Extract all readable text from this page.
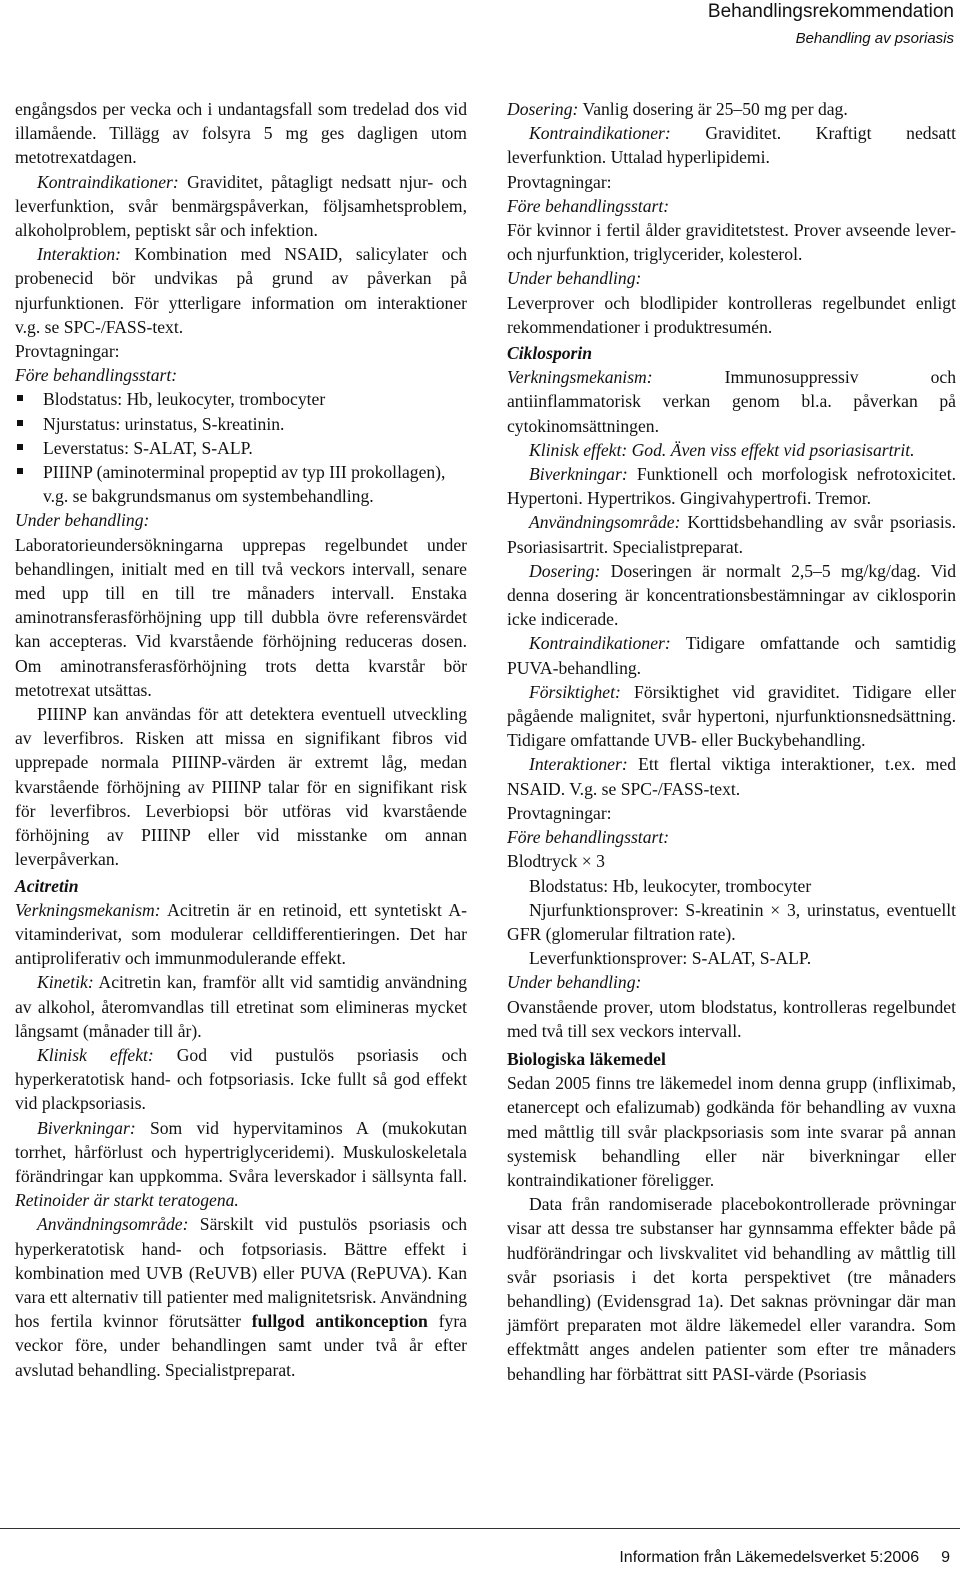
Behandlingsrekommendation
Behandling av psoriasis

engångsdos per vecka och i undantagsfall som tredelad dos vid illamående. Tillägg av folsyra 5 mg ges dagligen utom metotrexatdagen.

Kontraindikationer: Graviditet, påtagligt nedsatt njur- och leverfunktion, svår benmärgspåverkan, följsamhetsproblem, alkoholproblem, peptiskt sår och infektion.

Interaktion: Kombination med NSAID, salicylater och probenecid bör undvikas på grund av påverkan på njurfunktionen. För ytterligare information om interaktioner v.g. se SPC-/FASS-text.

Provtagningar:

Före behandlingsstart:

Blodstatus: Hb, leukocyter, trombocyter
Njurstatus: urinstatus, S-kreatinin.
Leverstatus: S-ALAT, S-ALP.
PIIINP (aminoterminal propeptid av typ III prokollagen), v.g. se bakgrundsmanus om systembehandling.

Under behandling:

Laboratorieundersökningarna upprepas regelbundet under behandlingen, initialt med en till två veckors intervall, senare med upp till en till tre månaders intervall. Enstaka aminotransferasförhöjning upp till dubbla övre referensvärdet kan accepteras. Vid kvarstående förhöjning reduceras dosen. Om aminotransferasförhöjning trots detta kvarstår bör metotrexat utsättas.

PIIINP kan användas för att detektera eventuell utveckling av leverfibros. Risken att missa en signifikant fibros vid upprepade normala PIIINP-värden är extremt låg, medan kvarstående förhöjning av PIIINP talar för en signifikant risk för leverfibros. Leverbiopsi bör utföras vid kvarstående förhöjning av PIIINP eller vid misstanke om annan leverpåverkan.

Acitretin

Verkningsmekanism: Acitretin är en retinoid, ett syntetiskt A-vitaminderivat, som modulerar celldifferentieringen. Det har antiproliferativ och immunmodulerande effekt.

Kinetik: Acitretin kan, framför allt vid samtidig användning av alkohol, återomvandlas till etretinat som elimineras mycket långsamt (månader till år).

Klinisk effekt: God vid pustulös psoriasis och hyperkeratotisk hand- och fotpsoriasis. Icke fullt så god effekt vid plackpsoriasis.

Biverkningar: Som vid hypervitaminos A (mukokutan torrhet, hårförlust och hypertriglyceridemi). Muskuloskeletala förändringar kan uppkomma. Svåra leverskador i sällsynta fall. Retinoider är starkt teratogena.

Användningsområde: Särskilt vid pustulös psoriasis och hyperkeratotisk hand- och fotpsoriasis. Bättre effekt i kombination med UVB (ReUVB) eller PUVA (RePUVA). Kan vara ett alternativ till patienter med malignitetsrisk. Användning hos fertila kvinnor förutsätter fullgod antikonception fyra veckor före, under behandlingen samt under två år efter avslutad behandling. Specialistpreparat.

Dosering: Vanlig dosering är 25–50 mg per dag.

Kontraindikationer: Graviditet. Kraftigt nedsatt leverfunktion. Uttalad hyperlipidemi.

Provtagningar:

Före behandlingsstart:

För kvinnor i fertil ålder graviditetstest. Prover avseende lever- och njurfunktion, triglycerider, kolesterol.

Under behandling:

Leverprover och blodlipider kontrolleras regelbundet enligt rekommendationer i produktresumén.

Ciklosporin

Verkningsmekanism: Immunosuppressiv och antiinflammatorisk verkan genom bl.a. påverkan på cytokinomsättningen.

Klinisk effekt: God. Även viss effekt vid psoriasisartrit.

Biverkningar: Funktionell och morfologisk nefrotoxicitet. Hypertoni. Hypertrikos. Gingivahypertrofi. Tremor.

Användningsområde: Korttidsbehandling av svår psoriasis. Psoriasisartrit. Specialistpreparat.

Dosering: Doseringen är normalt 2,5–5 mg/kg/dag. Vid denna dosering är koncentrationsbestämningar av ciklosporin icke indicerade.

Kontraindikationer: Tidigare omfattande och samtidig PUVA-behandling.

Försiktighet: Försiktighet vid graviditet. Tidigare eller pågående malignitet, svår hypertoni, njurfunktionsnedsättning. Tidigare omfattande UVB- eller Buckybehandling.

Interaktioner: Ett flertal viktiga interaktioner, t.ex. med NSAID. V.g. se SPC-/FASS-text.

Provtagningar:

Före behandlingsstart:

Blodtryck × 3

Blodstatus: Hb, leukocyter, trombocyter

Njurfunktionsprover: S-kreatinin × 3, urinstatus, eventuellt GFR (glomerular filtration rate).

Leverfunktionsprover: S-ALAT, S-ALP.

Under behandling:

Ovanstående prover, utom blodstatus, kontrolleras regelbundet med två till sex veckors intervall.

Biologiska läkemedel

Sedan 2005 finns tre läkemedel inom denna grupp (infliximab, etanercept och efalizumab) godkända för behandling av vuxna med måttlig till svår plackpsoriasis som inte svarar på annan systemisk behandling eller när biverkningar eller kontraindikationer föreligger.

Data från randomiserade placebokontrollerade prövningar visar att dessa tre substanser har gynnsamma effekter både på hudförändringar och livskvalitet vid behandling av måttlig till svår psoriasis i det korta perspektivet (tre månaders behandling) (Evidensgrad 1a). Det saknas prövningar där man jämfört preparaten mot äldre läkemedel eller varandra. Som effektmått anges andelen patienter som efter tre månaders behandling har förbättrat sitt PASI-värde (Psoriasis

Information från Läkemedelsverket 5:2006 9
